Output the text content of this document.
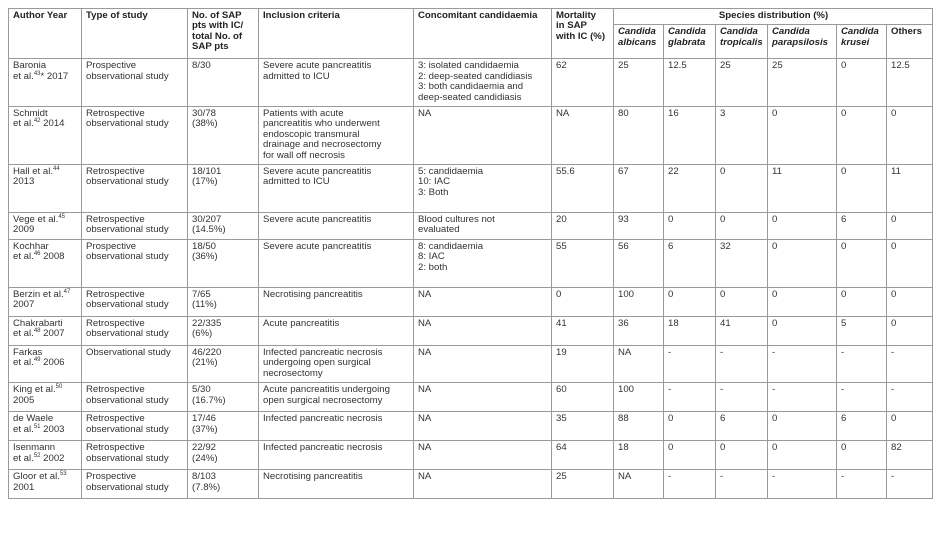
Author Year	Type of study	No. of SAP
pts with IC/
total No. of
SAP pts	Inclusion criteria	Concomitant candidaemia	Mortality
in SAP
with IC (%)	Species distribution (%)					
						Candida
albicans	Candida
glabrata	Candida
tropicalis	Candida
parapsilosis	Candida
krusei	Others
Baronia
et al.$^{43}$* 2017	Prospective
observational study	8/30	Severe acute pancreatitis
admitted to ICU	3: isolated candidaemia
2: deep-seated candidiasis
3: both candidaemia and
deep-seated candidiasis	62	25	12.5	25	25	0	12.5
Schmidt
et al.$^{42}$ 2014	Retrospective
observational study	30/78
(38%)	Patients with acute
pancreatitis who underwent
endoscopic transmural
drainage and necrosectomy
for wall off necrosis	NA	NA	80	16	3	0	0	0
Hall et al.$^{44}$
2013	Retrospective
observational study	18/101
(17%)	Severe acute pancreatitis
admitted to ICU	5: candidaemia
10: IAC
3: Both	55.6	67	22	0	11	0	11
Vege et al.$^{45}$
2009	Retrospective
observational study	30/207
(14.5%)	Severe acute pancreatitis	Blood cultures not
evaluated	20	93	0	0	0	6	0
Kochhar
et al.$^{46}$ 2008	Prospective
observational study	18/50
(36%)	Severe acute pancreatitis	8: candidaemia
8: IAC
2: both	55	56	6	32	0	0	0
Berzin et al.$^{47}$
2007	Retrospective
observational study	7/65
(11%)	Necrotising pancreatitis	NA	0	100	0	0	0	0	0
Chakrabarti
et al.$^{48}$ 2007	Retrospective
observational study	22/335
(6%)	Acute pancreatitis	NA	41	36	18	41	0	5	0
Farkas
et al.$^{49}$ 2006	Observational study	46/220
(21%)	Infected pancreatic necrosis
undergoing open surgical
necrosectomy	NA	19	NA	-	-	-	-	-
King et al.$^{50}$
2005	Retrospective
observational study	5/30
(16.7%)	Acute pancreatitis undergoing
open surgical necrosectomy	NA	60	100	-	-	-	-	-
de Waele
et al.$^{51}$ 2003	Retrospective
observational study	17/46
(37%)	Infected pancreatic necrosis	NA	35	88	0	6	0	6	0
Isenmann
et al.$^{52}$ 2002	Retrospective
observational study	22/92
(24%)	Infected pancreatic necrosis	NA	64	18	0	0	0	0	82
Gloor et al.$^{53}$
2001	Prospective
observational study	8/103
(7.8%)	Necrotising pancreatitis	NA	25	NA	-	-	-	-	-
